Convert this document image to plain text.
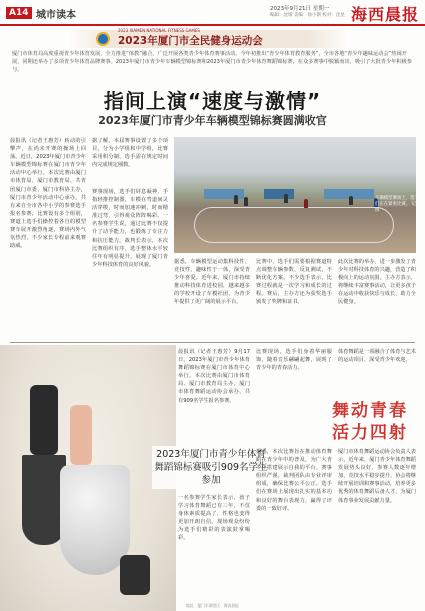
A14 城市读本
2023年9月21日 星期一
编辑：沈婧 美编：徐小钢 校对：沈星 海西晨报
2023 XIAMEN NATIONAL FITNESS GAMES
2023年厦门市全民健身运动会

厦门市体育局高度重视青少年体育发展，全力推进“体教”融合，广泛开展各类青少年体育赛事活动。今年初推出“青少年体育教育服务”，全市各地“青少年趣味运动会”热闹开展，同期还举办了多项青少年体育品牌赛事。2023年厦门市青少年车辆模型锦标赛和2023年厦门市青少年体育舞蹈锦标赛，在众多赛事中脱颖而出，吸引了大批青少年积极参与。

指间上演“速度与激情”
2023年厦门市青少年车辆模型锦标赛圆满收官

晨报讯（记者王惠芳）转动的引擎声，在尚未开赛的操场上回荡。近日，2023年厦门市青少年车辆模型锦标赛在厦门市青少年活动中心举行。本次比赛由厦门市体育局、厦门市教育局、共青团厦门市委、厦门市科协主办，厦门市青少年活动中心承办。共有来自全市各中小学的参赛选手报名参赛，比赛设有多个组别，赛道上选手们操控着各自的模型赛车展开激烈角逐，赛场内外气氛热烈，不少家长专程前来观赛助威。

据了解，本届赛事设置了多个项目，分为小学组和中学组，比赛采用积分制，选手需在规定时间内完成规定圈数。

赛事现场，选手们屏息凝神，手指轻推控制器，车模在弯道间灵活穿梭，时而加速冲刺，时而精准过弯，引得观众阵阵喝彩。一名参赛学生说，通过比赛不仅提升了动手能力，也锻炼了专注力和抗压能力。裁判长表示，本次比赛组织有序，选手整体水平较往年有明显提升，展现了厦门青少年科技体育的良好风貌。

车辆模型赛场上，选手们正在紧张比赛。 记者 摄

据悉，车辆模型运动集科技性、竞技性、趣味性于一体，深受青少年喜爱。近年来，厦门市持续推动科技体育进校园，越来越多的学校开设了车模社团，为青少年提供了更广阔的展示平台。

比赛中，选手们需要根据赛道特点调整车辆参数，反复测试，不断优化方案。不少选手表示，比赛过程就是一次学习和成长的过程。赛后，主办方还为获奖选手颁发了奖牌和证书。

此次比赛的举办，进一步激发了青少年对科技体育的兴趣，营造了积极向上的运动氛围。主办方表示，将继续丰富赛事活动，让更多孩子在运动中收获快乐与成长，助力全民健身。

晨报讯（记者王惠芳）9月17日，2023年厦门市青少年体育舞蹈锦标赛在厦门市体育中心举行。本次比赛由厦门市体育局、厦门市教育局主办，厦门市体育舞蹈运动协会承办，共有909名学生报名参赛。

比赛现场，选手们身着华丽服饰，随着音乐翩翩起舞，展现了青少年的青春活力。

体育舞蹈是一项融合了体育与艺术的运动项目，深受青少年欢迎。

舞动青春
活力四射
2023年厦门市青少年体育舞蹈锦标赛吸引909名学生参加

一名参赛学生家长表示，孩子学习体育舞蹈已有三年，不仅身体素质提高了，性格也变得更加开朗自信。现场观众纷纷为选手们精彩的表演鼓掌喝彩。

据悉，本次比赛旨在推动体育舞蹈在青少年中的普及，为广大青少年搭建展示自我的平台。赛事组织严谨，裁判团队由专业评审组成，确保比赛公平公正。选手们在赛场上展现出扎实的基本功和良好的舞台表现力，赢得了评委的一致好评。

厦门市体育舞蹈运动协会负责人表示，近年来，厦门青少年体育舞蹈发展势头良好，参赛人数逐年增加，竞技水平稳步提升。协会将继续开展培训和赛事活动，培养更多优秀的体育舞蹈后备人才，为厦门体育事业发展贡献力量。

地址：厦门市湖里区 · 海西晨报
